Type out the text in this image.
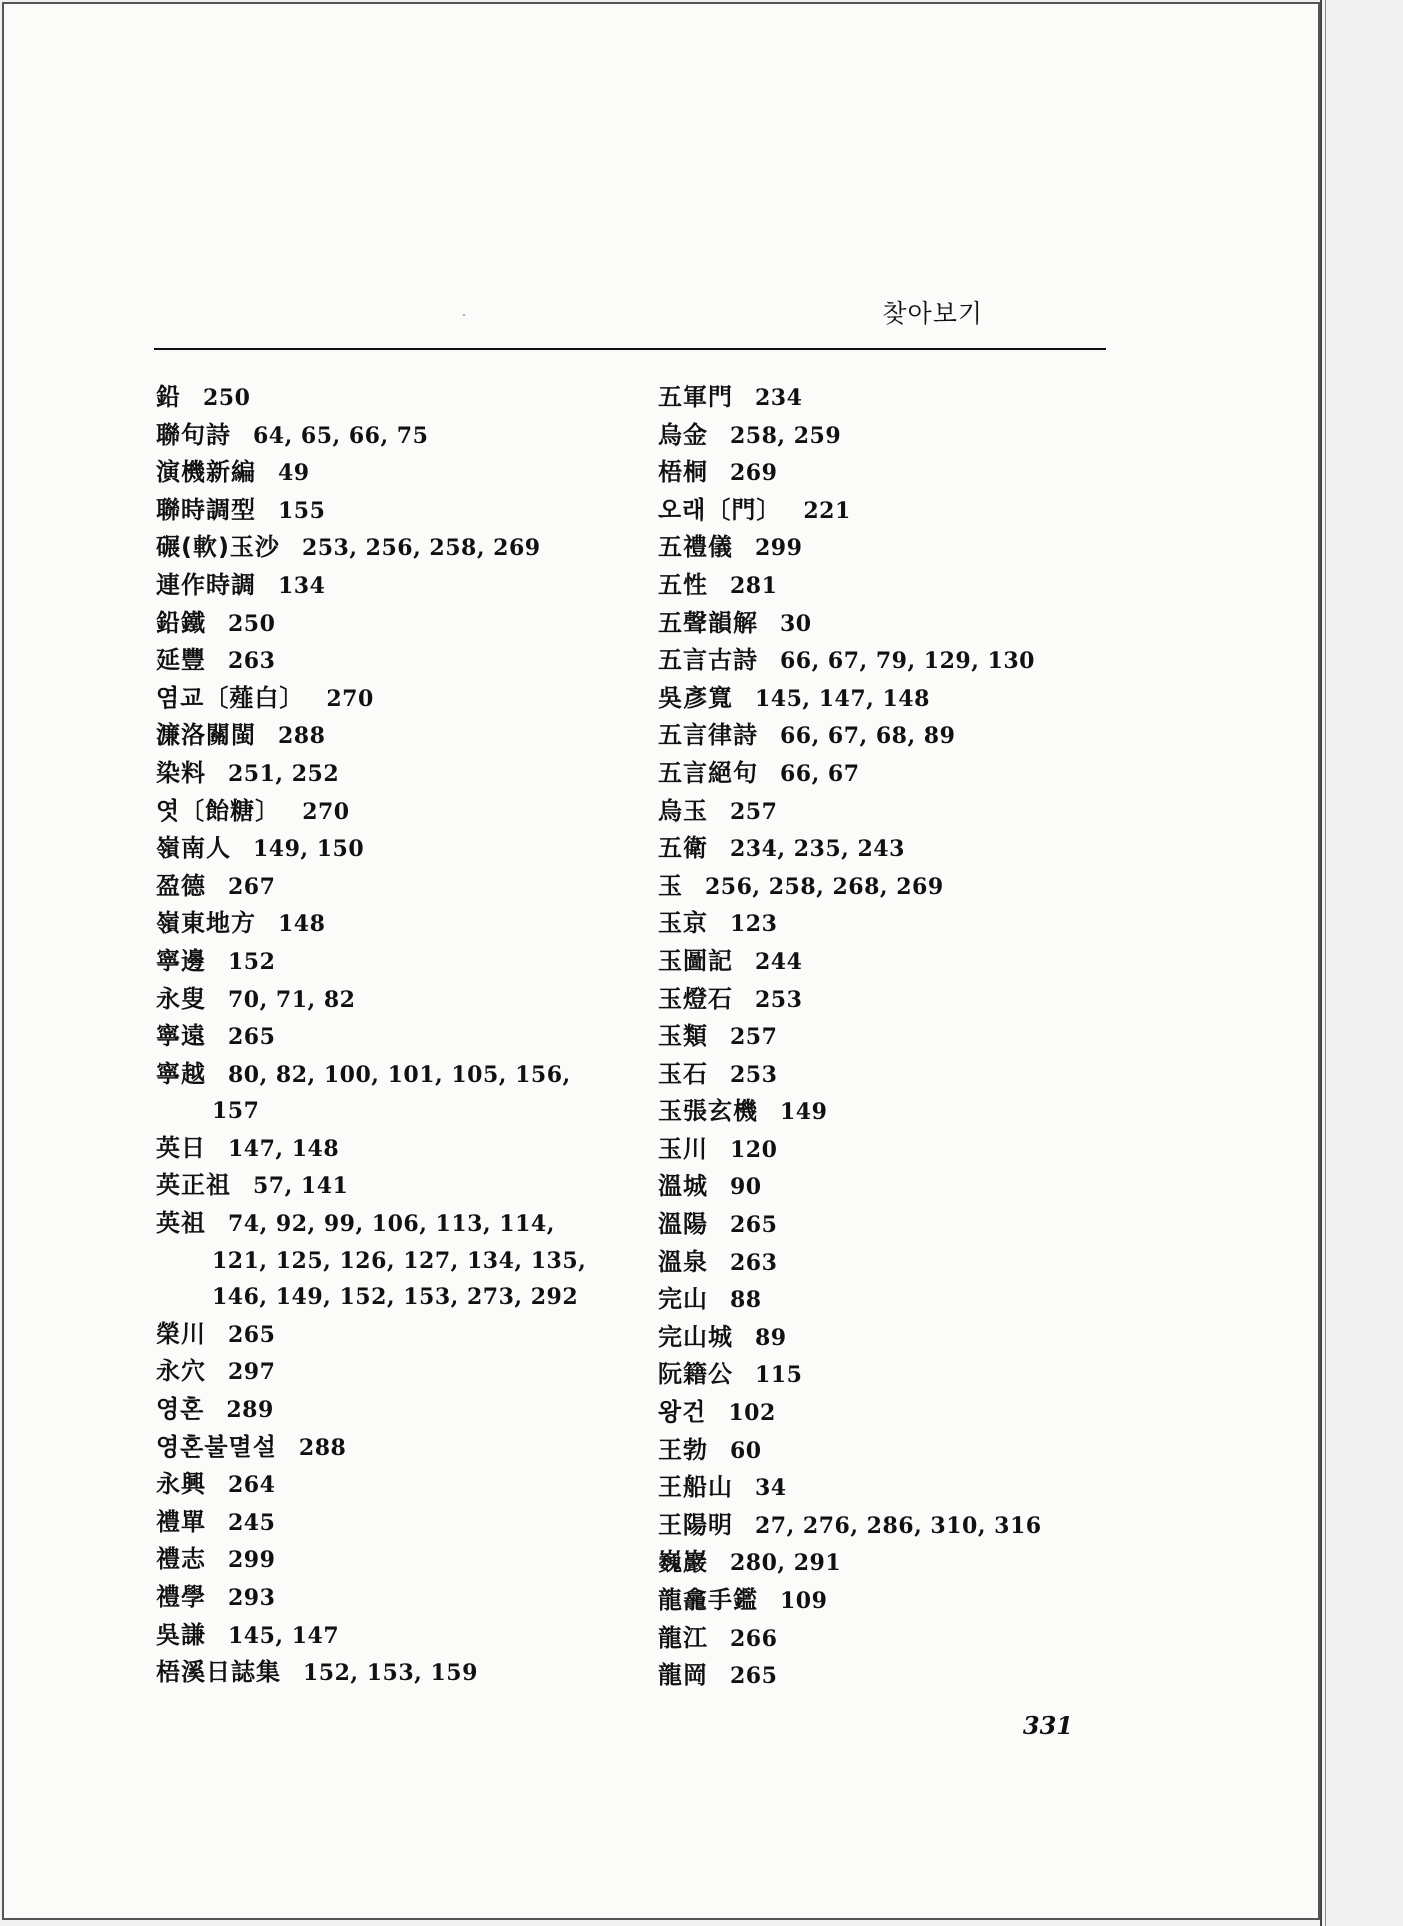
찾아보기
鉛 250
聯句詩 64, 65, 66, 75
演機新編 49
聯時調型 155
碾(軟)玉沙 253, 256, 258, 269
連作時調 134
鉛鐵 250
延豐 263
염교〔薤白〕 270
濂洛關閩 288
染料 251, 252
엿〔飴糖〕 270
嶺南人 149, 150
盈德 267
嶺東地方 148
寧邊 152
永叟 70, 71, 82
寧遠 265
寧越 80, 82, 100, 101, 105, 156,
157
英日 147, 148
英正祖 57, 141
英祖 74, 92, 99, 106, 113, 114,
121, 125, 126, 127, 134, 135,
146, 149, 152, 153, 273, 292
榮川 265
永穴 297
영혼 289
영혼불멸설 288
永興 264
禮單 245
禮志 299
禮學 293
吳謙 145, 147
梧溪日誌集 152, 153, 159
五軍門 234
烏金 258, 259
梧桐 269
오래〔門〕 221
五禮儀 299
五性 281
五聲韻解 30
五言古詩 66, 67, 79, 129, 130
吳彥寬 145, 147, 148
五言律詩 66, 67, 68, 89
五言絕句 66, 67
烏玉 257
五衛 234, 235, 243
玉 256, 258, 268, 269
玉京 123
玉圖記 244
玉燈石 253
玉類 257
玉石 253
玉張玄機 149
玉川 120
溫城 90
溫陽 265
溫泉 263
完山 88
完山城 89
阮籍公 115
왕건 102
王勃 60
王船山 34
王陽明 27, 276, 286, 310, 316
巍巖 280, 291
龍龕手鑑 109
龍江 266
龍岡 265
331
